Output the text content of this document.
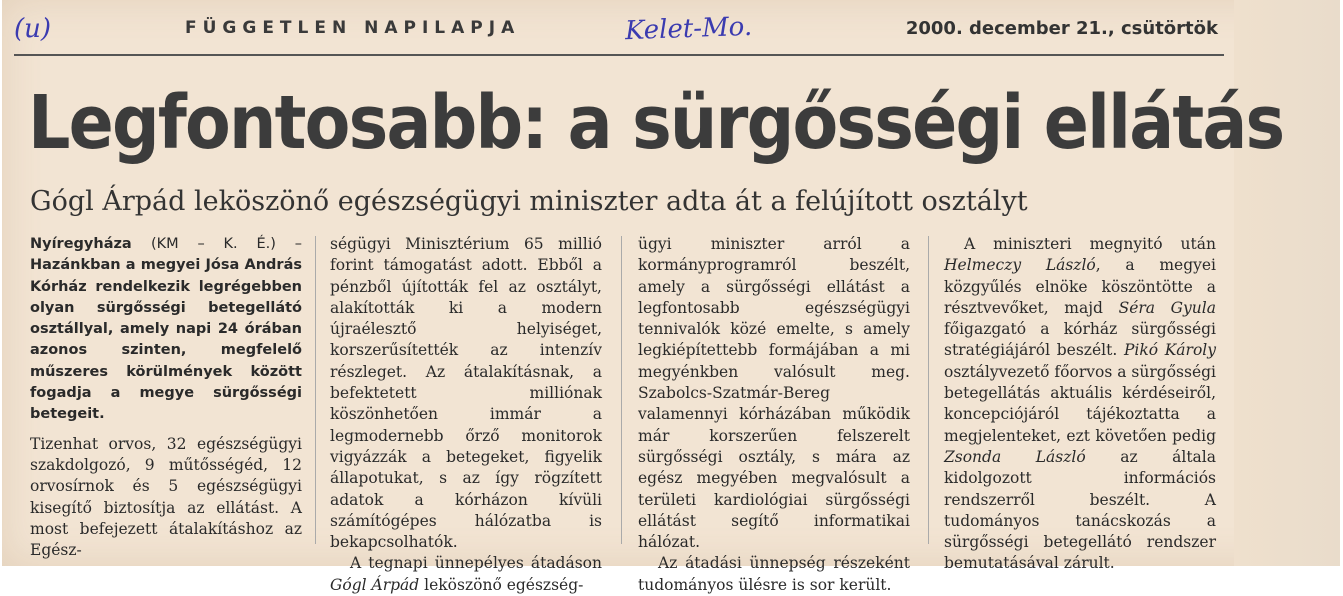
(u)	FÜGGETLEN NAPILAPJA	Kelet-Mo.	2000. december 21., csütörtök
Legfontosabb: a sürgősségi ellátás
Gógl Árpád leköszönő egészségügyi miniszter adta át a felújított osztályt

Nyíregyháza (KM – K. É.) – Hazánkban a megyei Jósa András Kórház rendelkezik legrégebben olyan sürgősségi betegellátó osztállyal, amely napi 24 órában azonos szinten, megfelelő műszeres körülmények között fogadja a megye sürgősségi betegeit.

Tizenhat orvos, 32 egészségügyi szakdolgozó, 9 műtősségéd, 12 orvosírnok és 5 egészségügyi kisegítő biztosítja az ellátást. A most befejezett átalakításhoz az Egész-

ségügyi Minisztérium 65 millió forint támogatást adott. Ebből a pénzből újították fel az osztályt, alakították ki a modern újraélesztő helyiséget, korszerűsítették az intenzív részleget. Az átalakításnak, a befektetett milliónak köszönhetően immár a legmodernebb őrző monitorok vigyázzák a betegeket, figyelik állapotukat, s az így rögzített adatok a kórházon kívüli számítógépes hálózatba is bekapcsolhatók.

A tegnapi ünnepélyes átadáson Gógl Árpád leköszönő egészség-

ügyi miniszter arról a kormányprogramról beszélt, amely a sürgősségi ellátást a legfontosabb egészségügyi tennivalók közé emelte, s amely legkiépítettebb formájában a mi megyénkben valósult meg. Szabolcs-Szatmár-Bereg valamennyi kórházában működik már korszerűen felszerelt sürgősségi osztály, s mára az egész megyében megvalósult a területi kardiológiai sürgősségi ellátást segítő informatikai hálózat.

Az átadási ünnepség részeként tudományos ülésre is sor került.

A miniszteri megnyitó után Helmeczy László, a megyei közgyűlés elnöke köszöntötte a résztvevőket, majd Séra Gyula főigazgató a kórház sürgősségi stratégiájáról beszélt. Pikó Károly osztályvezető főorvos a sürgősségi betegellátás aktuális kérdéseiről, koncepciójáról tájékoztatta a megjelenteket, ezt követően pedig Zsonda László az általa kidolgozott információs rendszerről beszélt. A tudományos tanácskozás a sürgősségi betegellátó rendszer bemutatásával zárult.
